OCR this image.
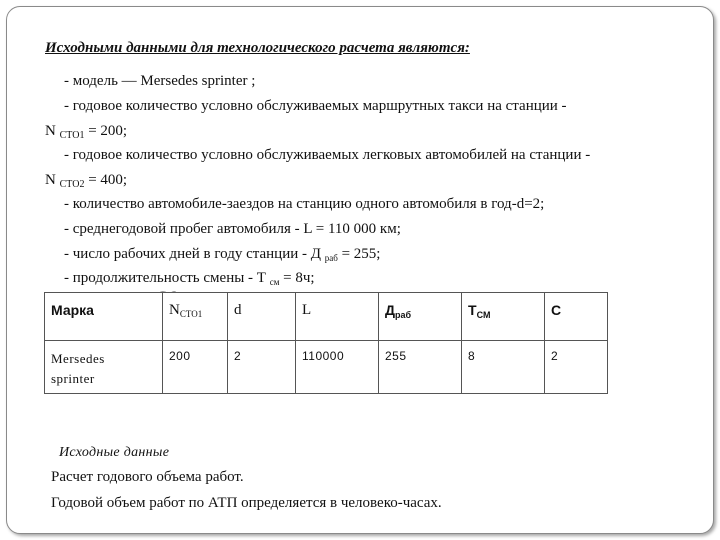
Исходными данными для технологического расчета являются:
- модель — Mersedes sprinter ;
- годовое количество условно обслуживаемых маршрутных такси на станции -
N $_{СТО1}$ = 200;
- годовое количество условно обслуживаемых легковых автомобилей на станции -
N $_{СТО2}$ = 400;
- количество автомобиле-заездов на станцию одного автомобиля в год-d=2;
- среднегодовой пробег автомобиля - L = 110 000 км;
- число рабочих дней в году станции - Д $_{раб}$ = 255;
- продолжительность смены - Т $_{см}$ = 8ч;
Марка	$N_{СТО1}$	d	L	$Д_{раб}$	$Т_{СМ}$	С
Mersedes
sprinter	200	2	110000	255	8	2
Исходные данные
Расчет годового объема работ.
Годовой объем работ по АТП определяется в человеко-часах.
